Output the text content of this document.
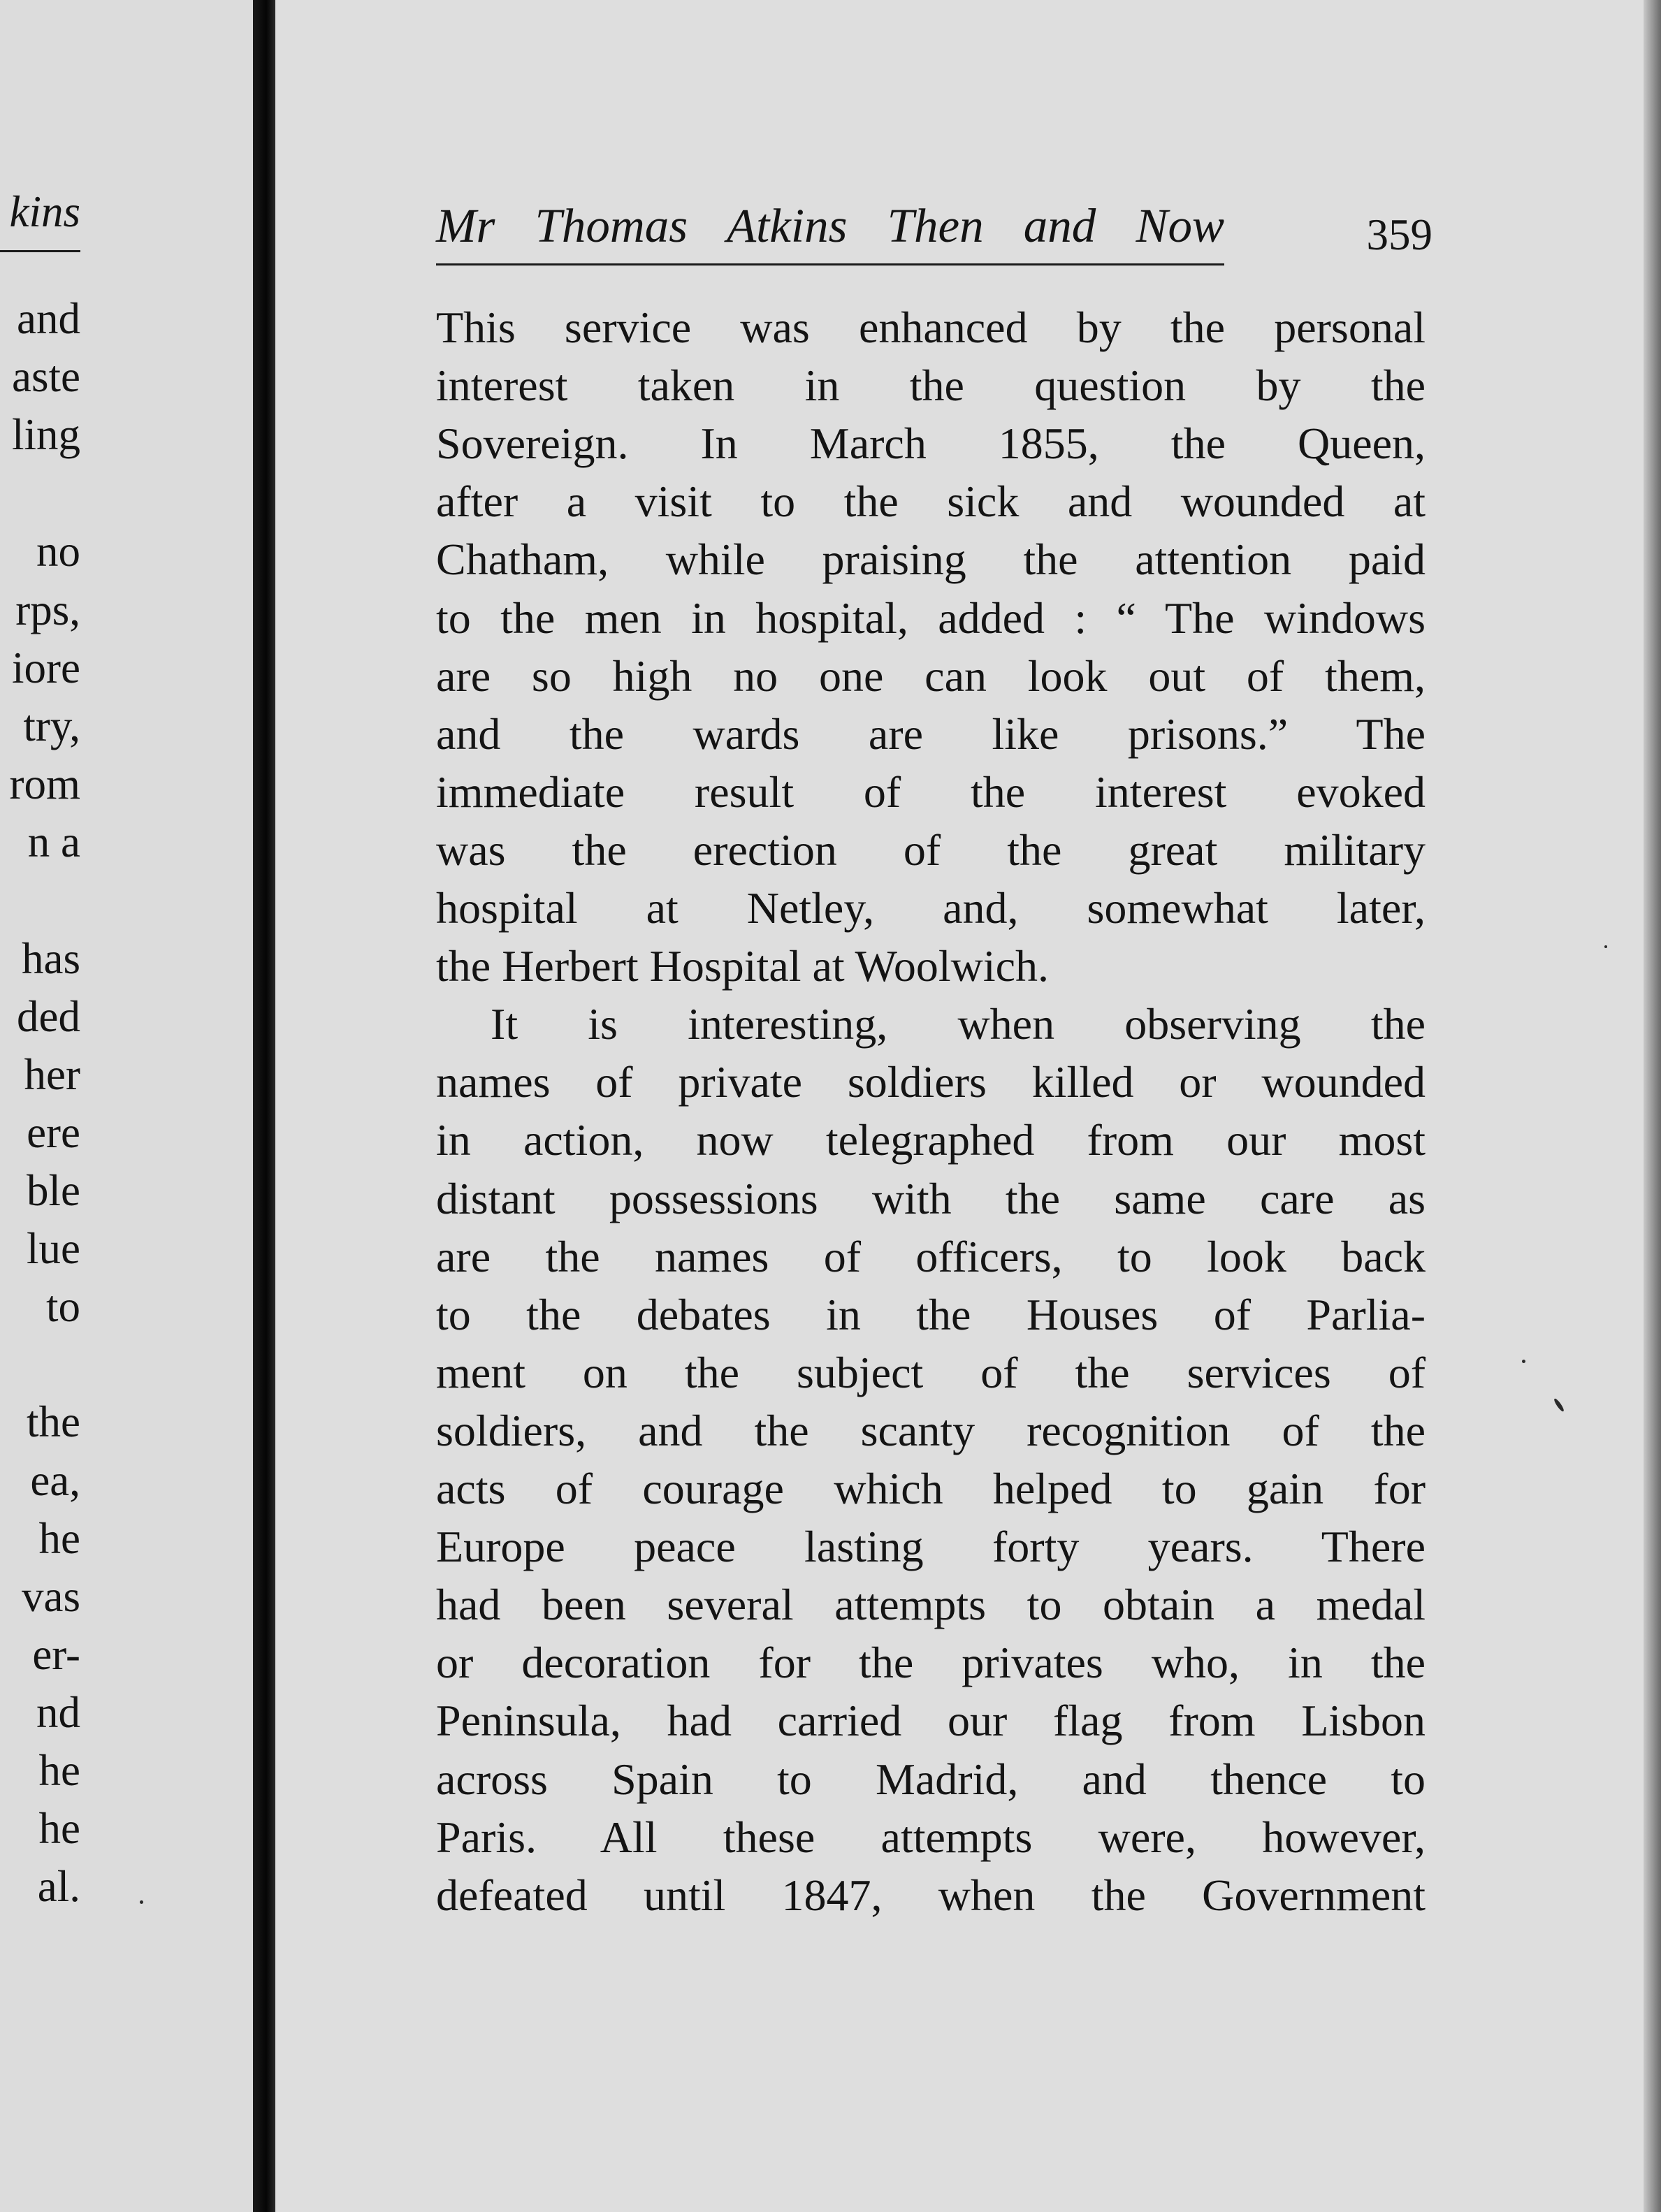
kins
and
aste
ling
no
rps,
iore
try,
rom
n a
has
ded
her
ere
ble
lue
to
the
ea,
he
vas
er-
nd
he
he
al.
Mr Thomas Atkins Then and Now	359
This service was enhanced by the personal
interest taken in the question by the
Sovereign. In March 1855, the Queen,
after a visit to the sick and wounded at
Chatham, while praising the attention paid
to the men in hospital, added : “ The windows
are so high no one can look out of them,
and the wards are like prisons.” The
immediate result of the interest evoked
was the erection of the great military
hospital at Netley, and, somewhat later,
the Herbert Hospital at Woolwich.
It is interesting, when observing the
names of private soldiers killed or wounded
in action, now telegraphed from our most
distant possessions with the same care as
are the names of officers, to look back
to the debates in the Houses of Parlia-
ment on the subject of the services of
soldiers, and the scanty recognition of the
acts of courage which helped to gain for
Europe peace lasting forty years. There
had been several attempts to obtain a medal
or decoration for the privates who, in the
Peninsula, had carried our flag from Lisbon
across Spain to Madrid, and thence to
Paris. All these attempts were, however,
defeated until 1847, when the Government
